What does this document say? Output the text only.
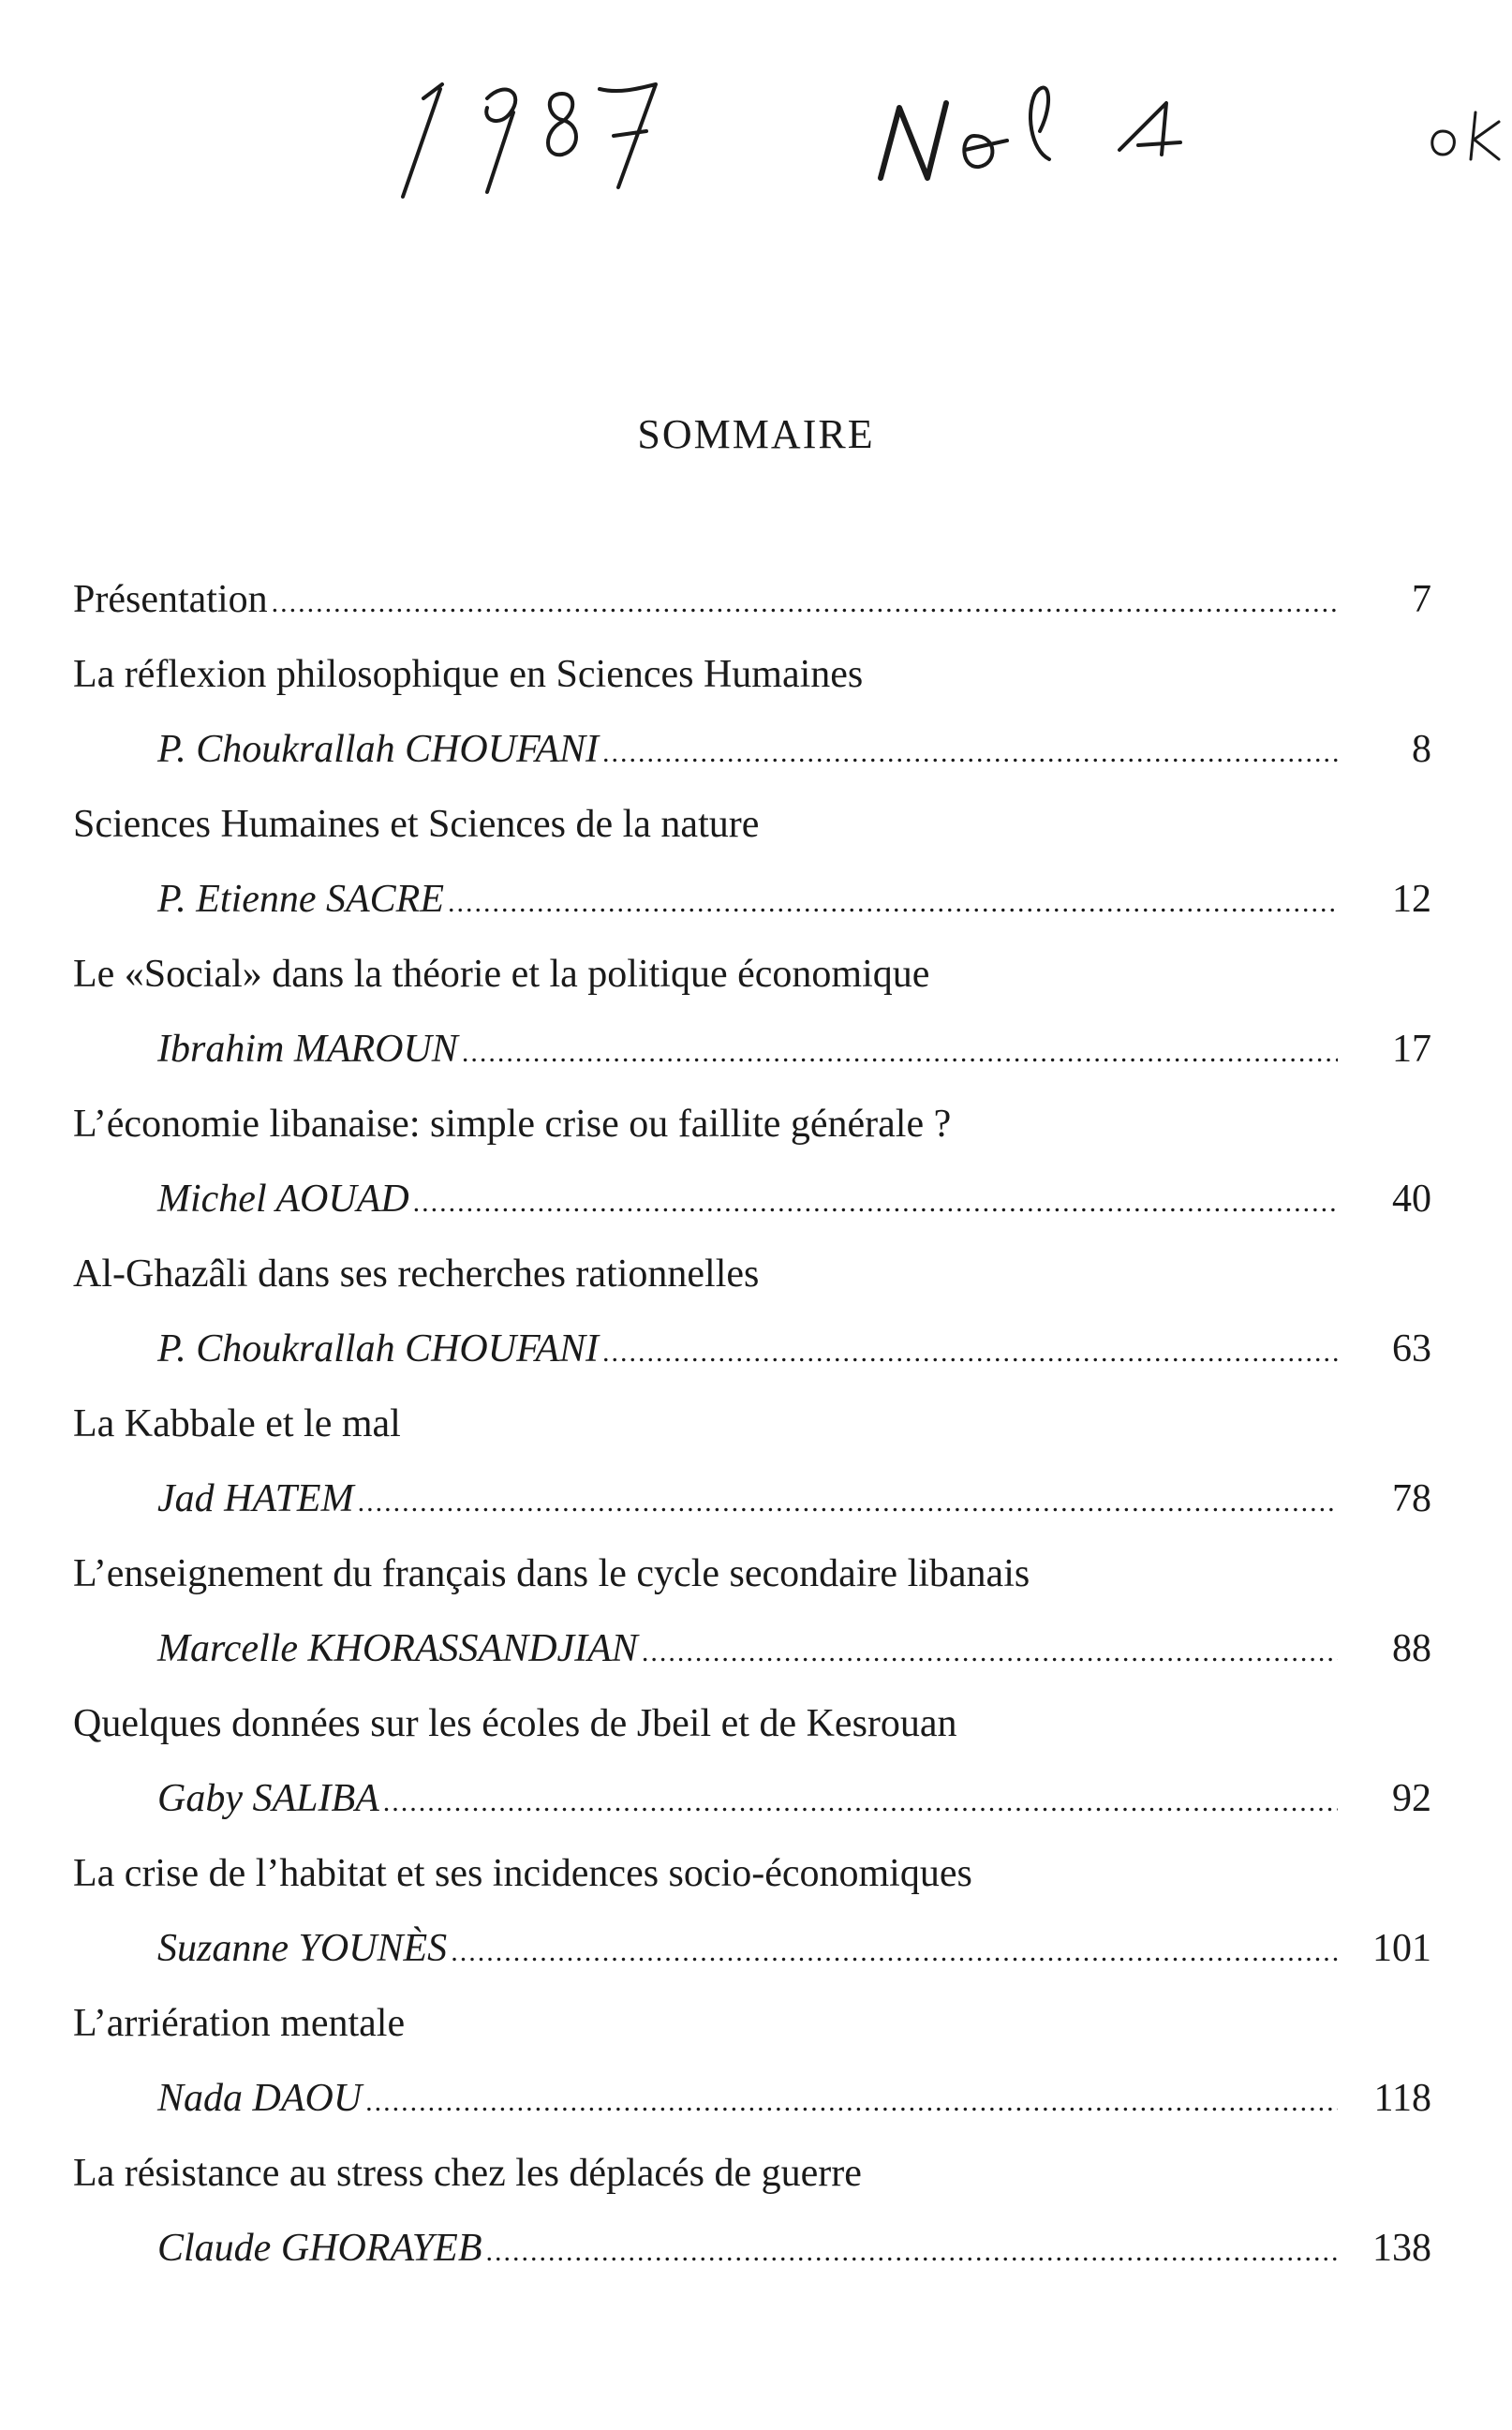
SOMMAIRE
Présentation .....	7
La réflexion philosophique en Sciences Humaines
P. Choukrallah CHOUFANI .....	8
Sciences Humaines et Sciences de la nature
P. Etienne SACRE .....	12
Le «Social» dans la théorie et la politique économique
Ibrahim MAROUN .....	17
L’économie libanaise: simple crise ou faillite générale ?
Michel AOUAD .....	40
Al-Ghazâli dans ses recherches rationnelles
P. Choukrallah CHOUFANI .....	63
La Kabbale et le mal
Jad HATEM .....	78
L’enseignement du français dans le cycle secondaire libanais
Marcelle KHORASSANDJIAN .....	88
Quelques données sur les écoles de Jbeil et de Kesrouan
Gaby SALIBA .....	92
La crise de l’habitat et ses incidences socio-économiques
Suzanne YOUNÈS .....	101
L’arriération mentale
Nada DAOU .....	118
La résistance au stress chez les déplacés de guerre
Claude GHORAYEB .....	138
